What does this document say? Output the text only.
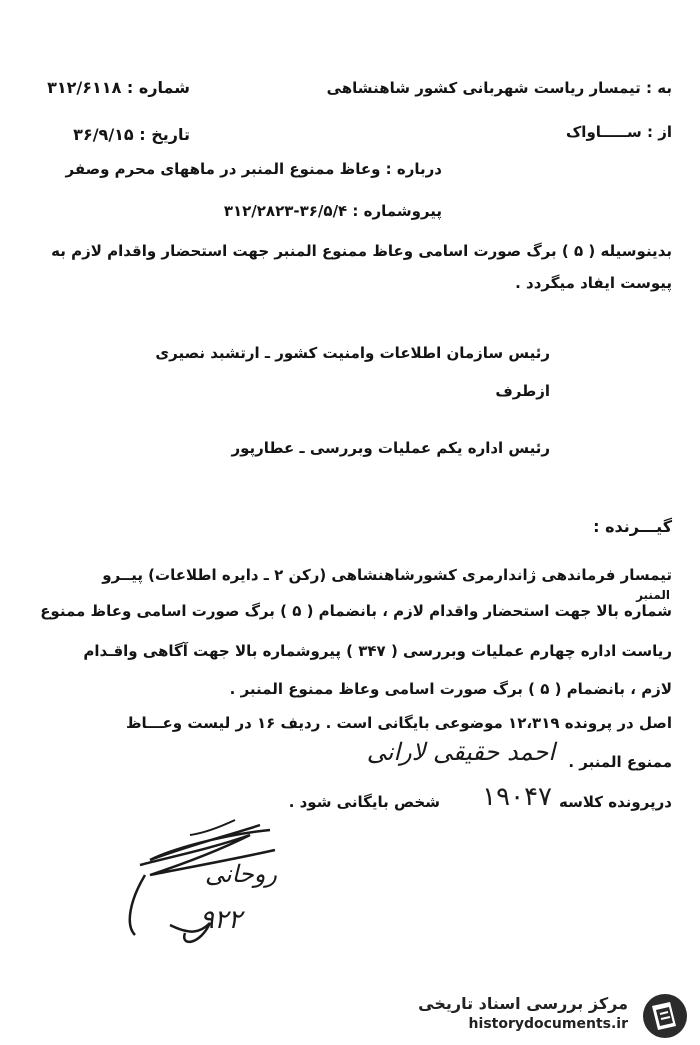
به : تیمسار ریاست شهربانی کشور شاهنشاهی
شماره : ۳۱۲/۶۱۱۸
از : ســـــاواک
تاریخ : ۳۶/۹/۱۵
درباره : وعاظ ممنوع المنبر در ماههای محرم وصفر
پیروشماره : ۳۶/۵/۴-۳۱۲/۲۸۲۳
بدینوسیله ( ۵ ) برگ صورت اسامی وعاظ ممنوع المنبر جهت استحضار واقدام لازم به
پیوست ایفاد میگردد .
رئیس سازمان اطلاعات وامنیت کشور ـ ارتشبد نصیری
ازطرف
رئیس اداره یکم عملیات وبررسی ـ عطارپور
گیـــرنده :
تیمسار فرماندهی ژاندارمری کشورشاهنشاهی (رکن ۲ ـ دایره اطلاعات) پیــرو
المنبر
شماره بالا جهت استحضار واقدام لازم ، بانضمام ( ۵ ) برگ صورت اسامی وعاظ ممنوع
ریاست اداره چهارم عملیات وبررسی ( ۳۴۷ ) پیروشماره بالا جهت آگاهی واقـدام
لازم ، بانضمام ( ۵ ) برگ صورت اسامی وعاظ ممنوع المنبر .
اصل در پرونده ۱۲،۳۱۹ موضوعی بایگانی است . ردیف ۱۶ در لیست وعـــاظ
ممنوع المنبر .
احمد حقیقی لارانی
درپرونده کلاسه
۱۹۰۴۷
شخص بایگانی شود .
روحانی
۹۲۲
مرکز بررسی اسناد تاریخی
historydocuments.ir
